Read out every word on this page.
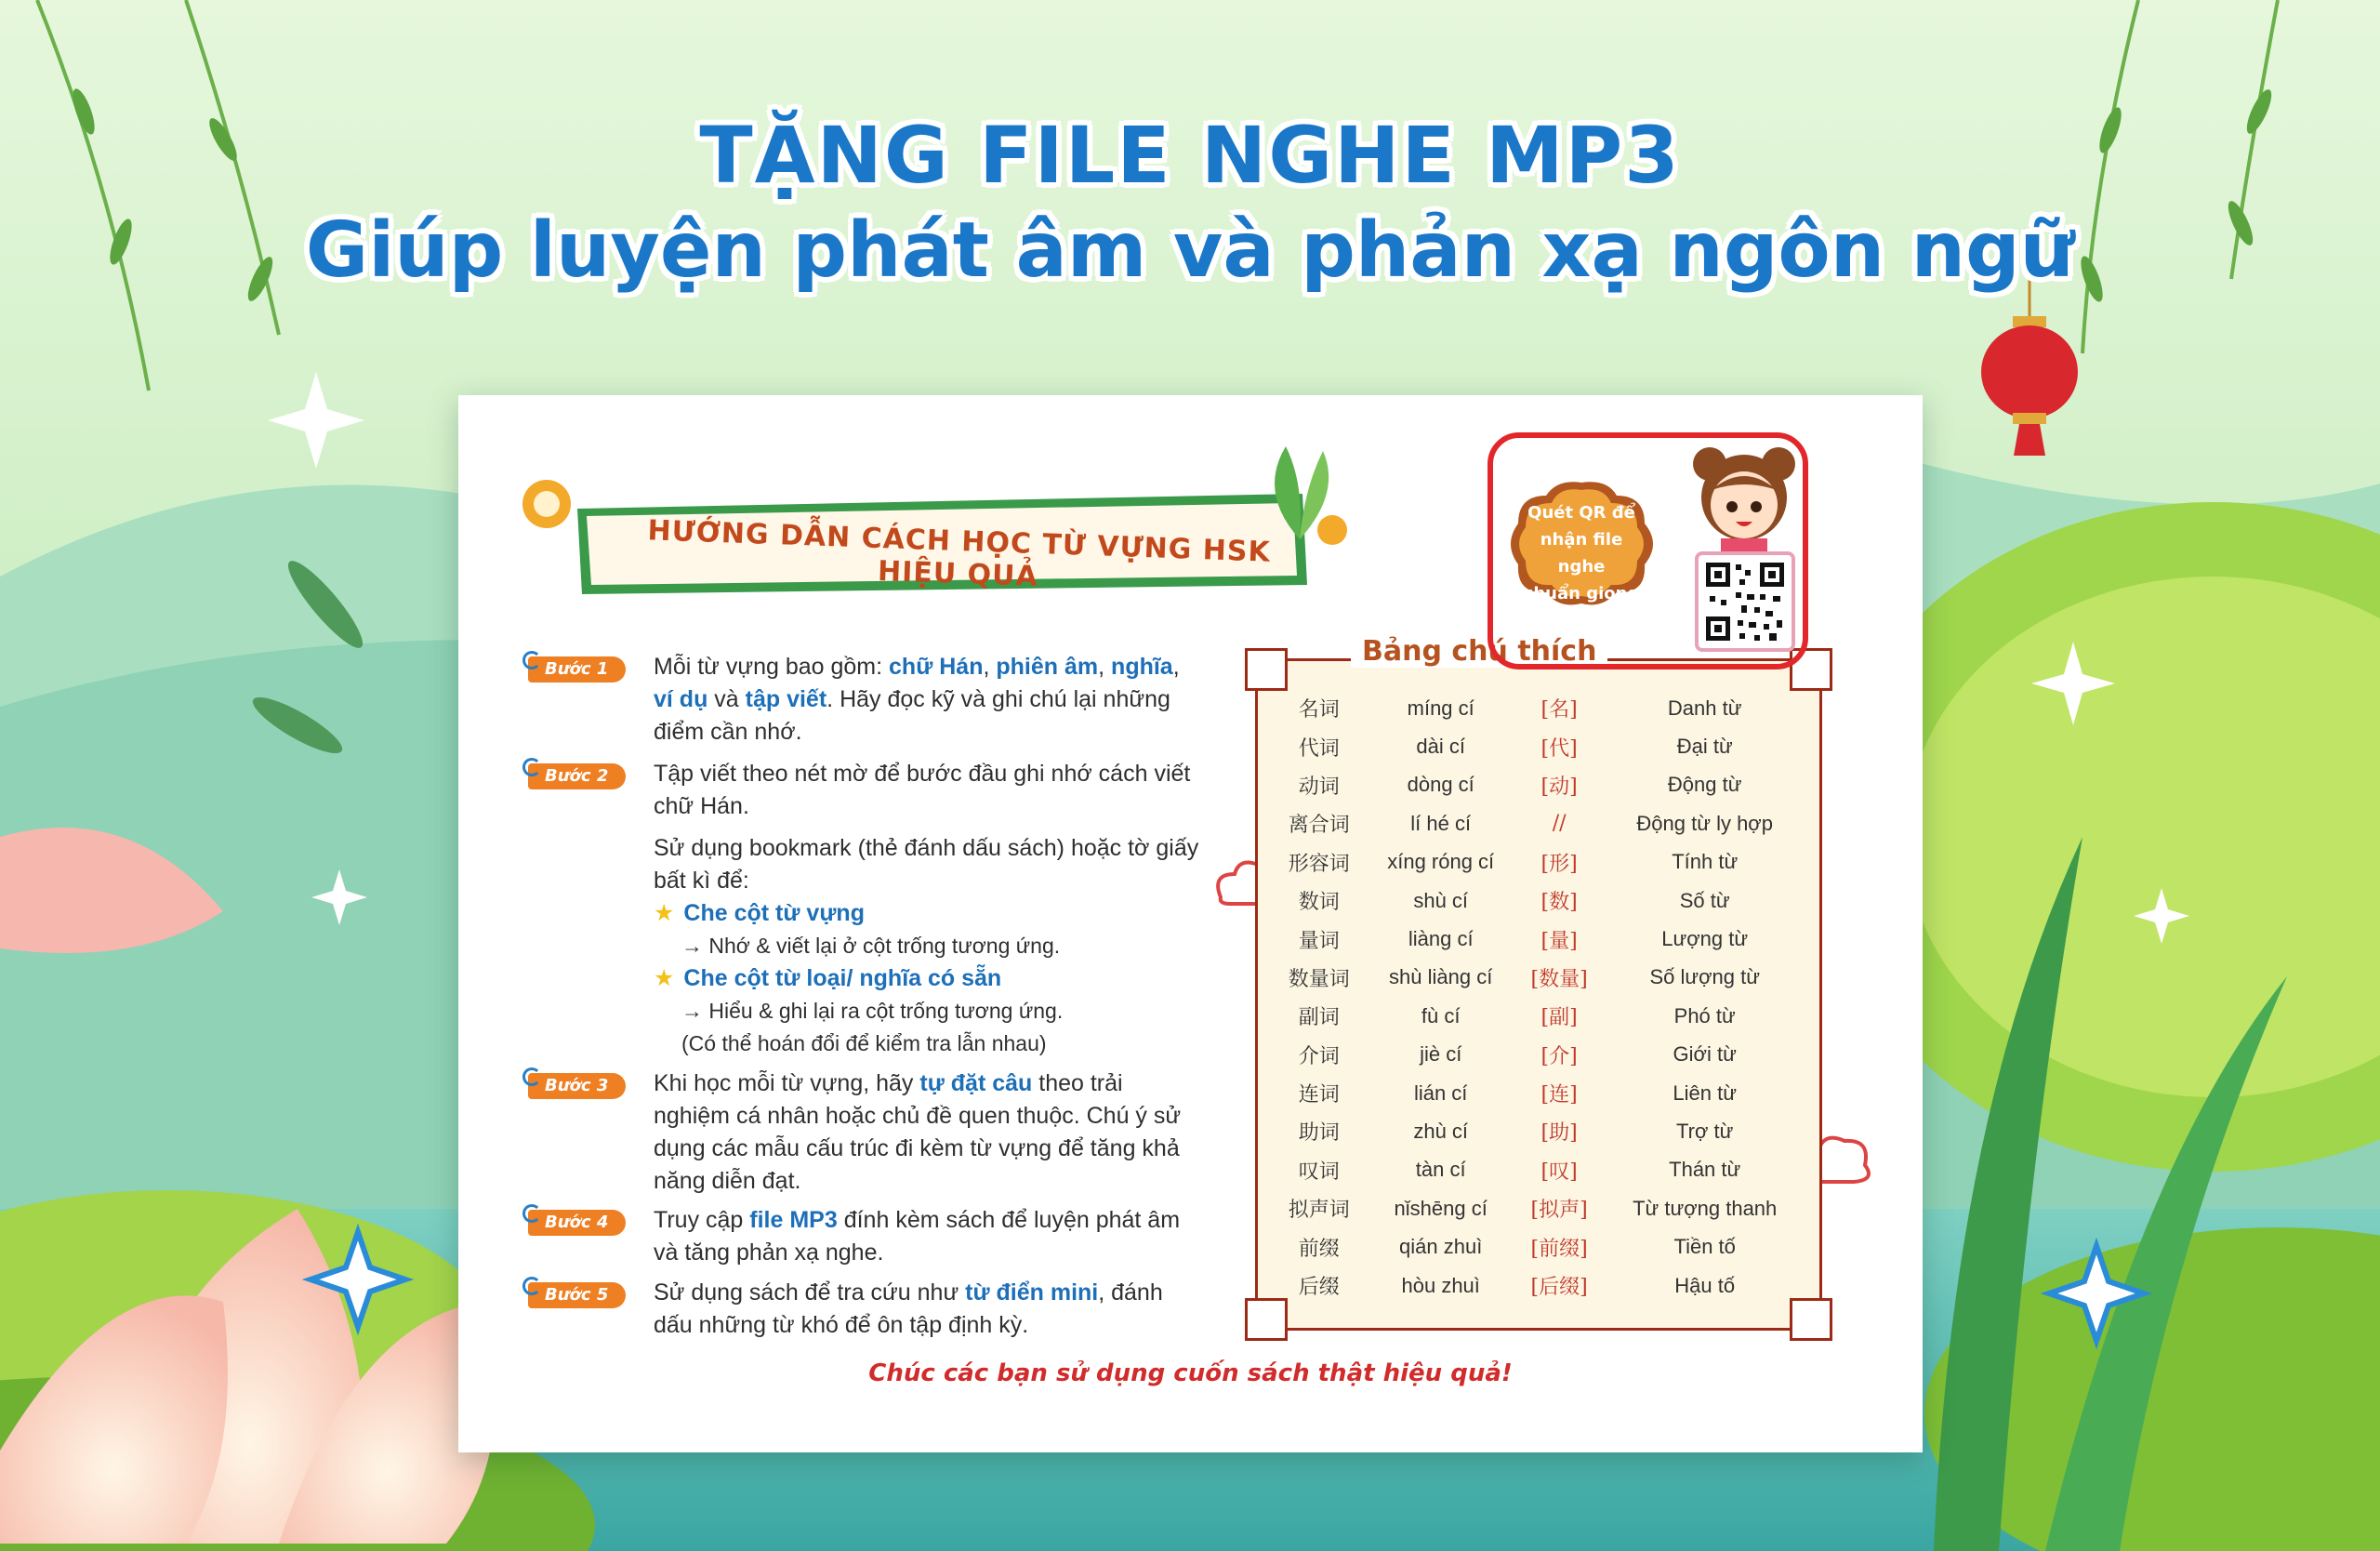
TẶNG FILE NGHE MP3
Giúp luyện phát âm và phản xạ ngôn ngữ
HƯỚNG DẪN CÁCH HỌC TỪ VỰNG HSK HIỆU QUẢ
Bước 1	Mỗi từ vựng bao gồm: chữ Hán, phiên âm, nghĩa, ví dụ và tập viết. Hãy đọc kỹ và ghi chú lại những điểm cần nhớ.
Bước 2	Tập viết theo nét mờ để bước đầu ghi nhớ cách viết chữ Hán.
Sử dụng bookmark (thẻ đánh dấu sách) hoặc tờ giấy bất kì để:
★ Che cột từ vựng
→ Nhớ & viết lại ở cột trống tương ứng.
★ Che cột từ loại/ nghĩa có sẵn
→ Hiểu & ghi lại ra cột trống tương ứng.
(Có thể hoán đổi để kiểm tra lẫn nhau)
Bước 3	Khi học mỗi từ vựng, hãy tự đặt câu theo trải nghiệm cá nhân hoặc chủ đề quen thuộc. Chú ý sử dụng các mẫu cấu trúc đi kèm từ vựng để tăng khả năng diễn đạt.
Bước 4	Truy cập file MP3 đính kèm sách để luyện phát âm và tăng phản xạ nghe.
Bước 5	Sử dụng sách để tra cứu như từ điển mini, đánh dấu những từ khó để ôn tập định kỳ.
Bảng chú thích
名词	míng cí	[名]	Danh từ
代词	dài cí	[代]	Đại từ
动词	dòng cí	[动]	Động từ
离合词	lí hé cí	//	Động từ ly hợp
形容词	xíng róng cí	[形]	Tính từ
数词	shù cí	[数]	Số từ
量词	liàng cí	[量]	Lượng từ
数量词	shù liàng cí	[数量]	Số lượng từ
副词	fù cí	[副]	Phó từ
介词	jiè cí	[介]	Giới từ
连词	lián cí	[连]	Liên từ
助词	zhù cí	[助]	Trợ từ
叹词	tàn cí	[叹]	Thán từ
拟声词	nǐshēng cí	[拟声]	Từ tượng thanh
前缀	qián zhuì	[前缀]	Tiền tố
后缀	hòu zhuì	[后缀]	Hậu tố
Quét QR để
nhận file nghe
chuẩn giọng
Chúc các bạn sử dụng cuốn sách thật hiệu quả!
